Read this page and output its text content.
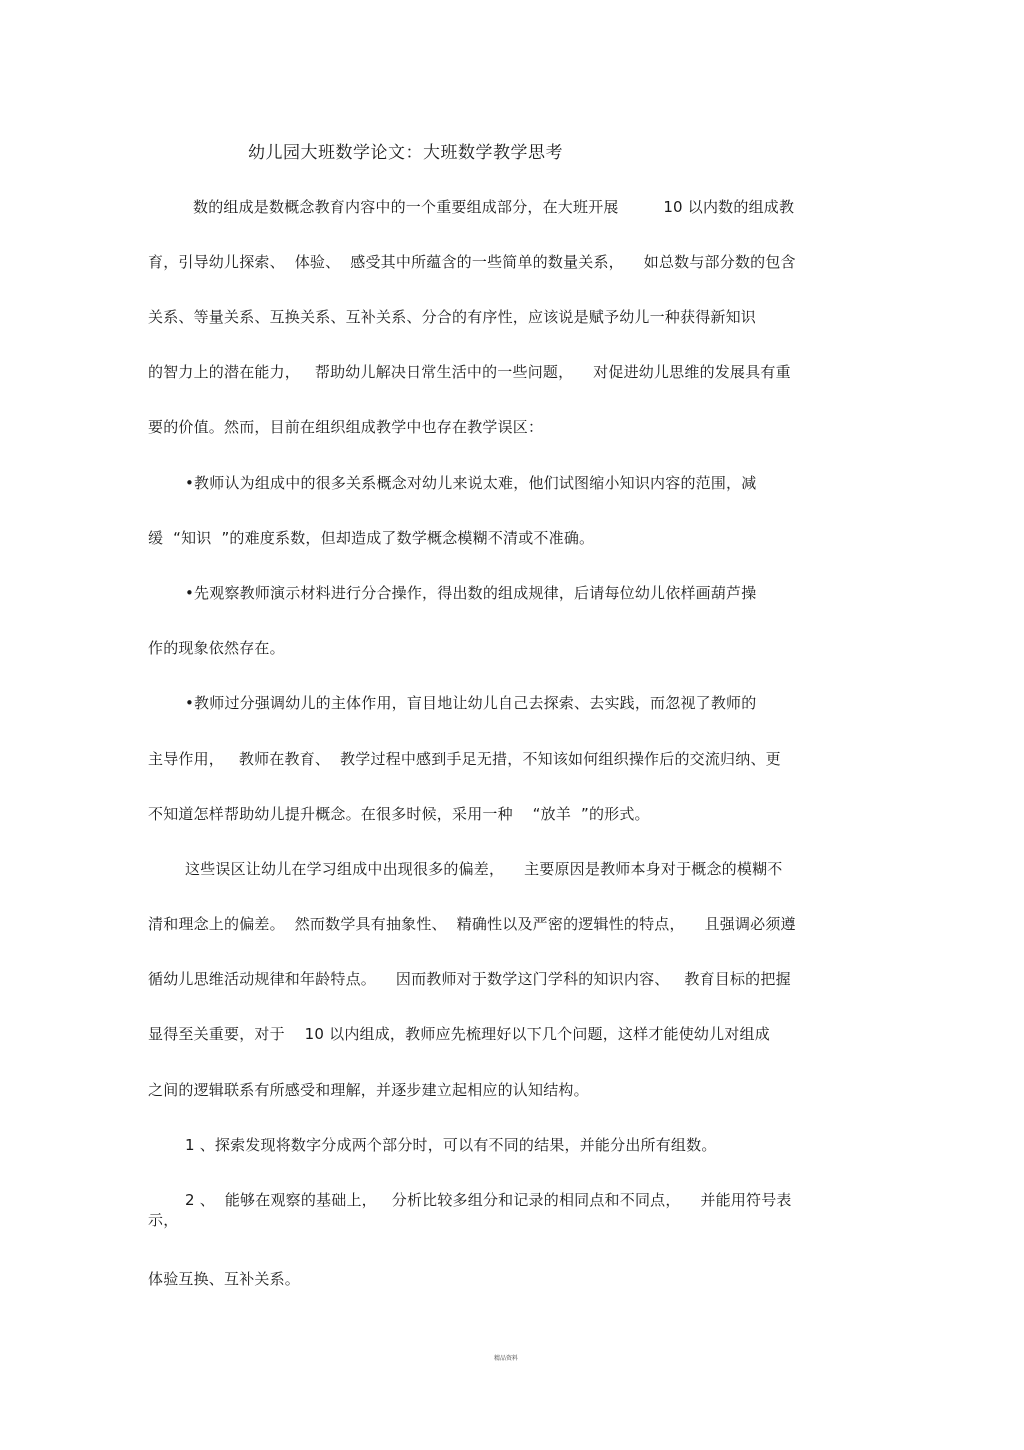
幼儿园大班数学论文：大班数学教学思考
数的组成是数概念教育内容中的一个重要组成部分，在大班开展         10 以内数的组成教
育，引导幼儿探索、  体验、  感受其中所蕴含的一些简单的数量关系，    如总数与部分数的包含
关系、等量关系、互换关系、互补关系、分合的有序性，应该说是赋予幼儿一种获得新知识
的智力上的潜在能力，   帮助幼儿解决日常生活中的一些问题，    对促进幼儿思维的发展具有重
要的价值。然而，目前在组织组成教学中也存在教学误区：
•教师认为组成中的很多关系概念对幼儿来说太难，他们试图缩小知识内容的范围，减
缓  “知识  ”的难度系数，但却造成了数学概念模糊不清或不准确。
•先观察教师演示材料进行分合操作，得出数的组成规律，后请每位幼儿依样画葫芦操
作的现象依然存在。
•教师过分强调幼儿的主体作用，盲目地让幼儿自己去探索、去实践，而忽视了教师的
主导作用，   教师在教育、  教学过程中感到手足无措，不知该如何组织操作后的交流归纳、更
不知道怎样帮助幼儿提升概念。在很多时候，采用一种    “放羊  ”的形式。
这些误区让幼儿在学习组成中出现很多的偏差，    主要原因是教师本身对于概念的模糊不
清和理念上的偏差。  然而数学具有抽象性、  精确性以及严密的逻辑性的特点，    且强调必须遵
循幼儿思维活动规律和年龄特点。    因而教师对于数学这门学科的知识内容、   教育目标的把握
显得至关重要，对于    10 以内组成，教师应先梳理好以下几个问题，这样才能使幼儿对组成
之间的逻辑联系有所感受和理解，并逐步建立起相应的认知结构。
1 、探索发现将数字分成两个部分时，可以有不同的结果，并能分出所有组数。
2 、  能够在观察的基础上，   分析比较多组分和记录的相同点和不同点，    并能用符号表
示，
体验互换、互补关系。
精品资料
